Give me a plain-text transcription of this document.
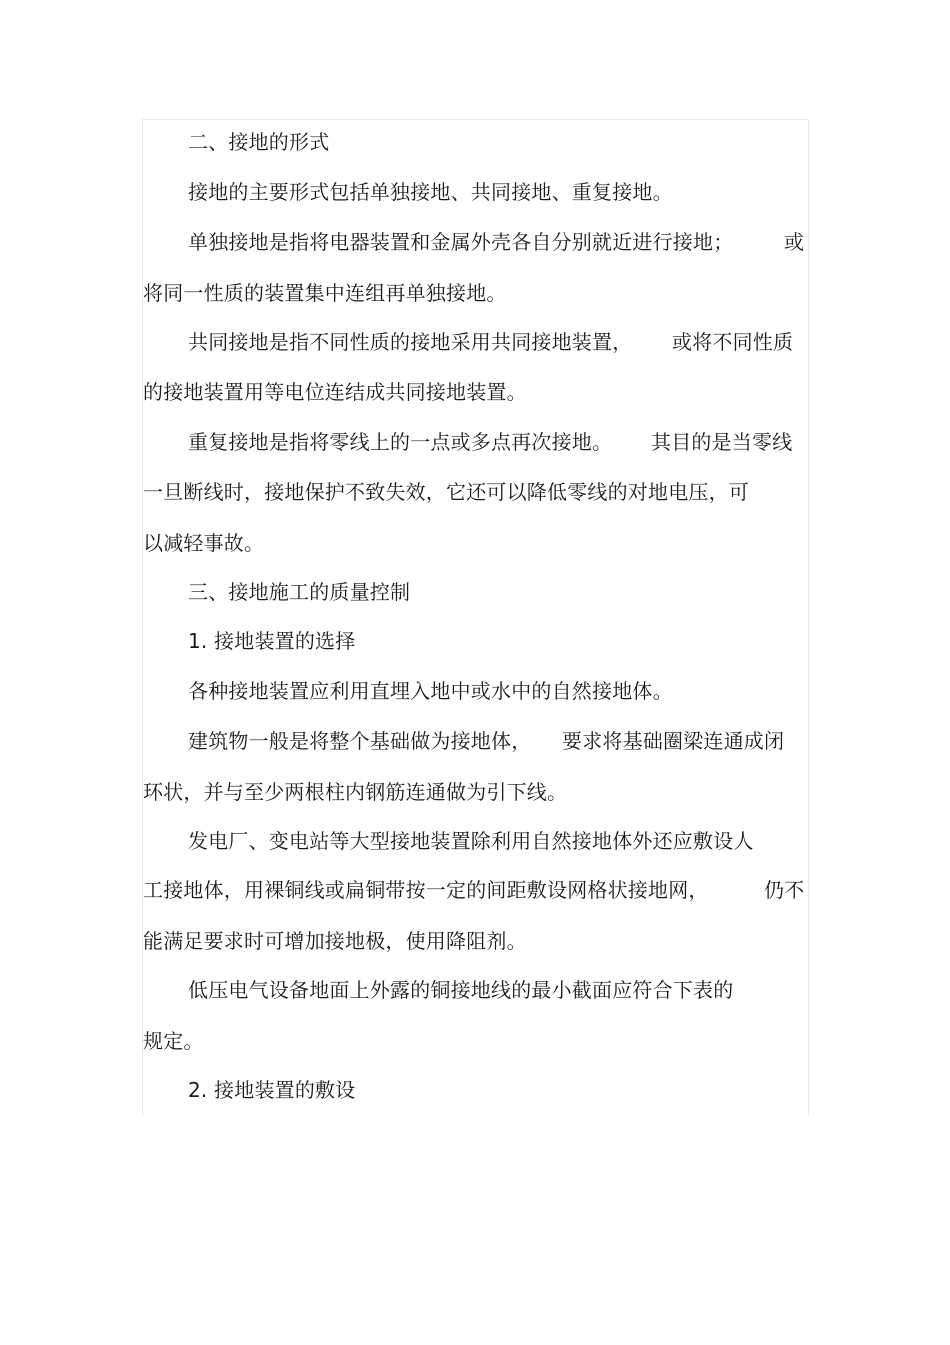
二、接地的形式
接地的主要形式包括单独接地、共同接地、重复接地。
单独接地是指将电器装置和金属外壳各自分别就近进行接地；	或
将同一性质的装置集中连组再单独接地。
共同接地是指不同性质的接地采用共同接地装置， 或将不同性质
的接地装置用等电位连结成共同接地装置。
重复接地是指将零线上的一点或多点再次接地。 其目的是当零线
一旦断线时，接地保护不致失效，它还可以降低零线的对地电压，可
以减轻事故。
三、接地施工的质量控制
1. 接地装置的选择
各种接地装置应利用直埋入地中或水中的自然接地体。
建筑物一般是将整个基础做为接地体， 要求将基础圈梁连通成闭
环状，并与至少两根柱内钢筋连通做为引下线。
发电厂、变电站等大型接地装置除利用自然接地体外还应敷设人
工接地体，用裸铜线或扁铜带按一定的间距敷设网格状接地网，	仍不
能满足要求时可增加接地极，使用降阻剂。
低压电气设备地面上外露的铜接地线的最小截面应符合下表的
规定。
2. 接地装置的敷设
